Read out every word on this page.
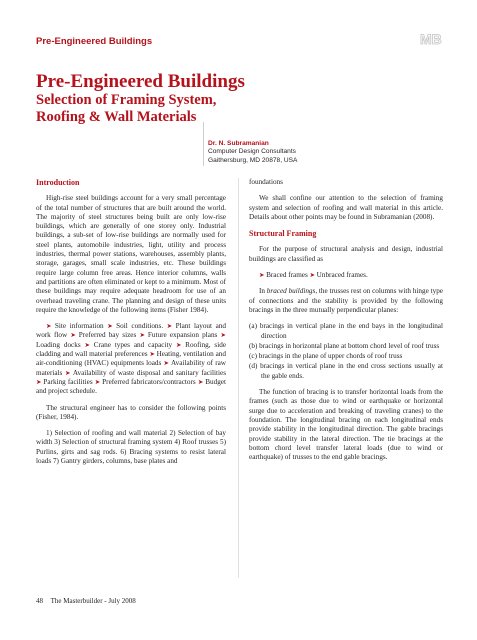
Pre-Engineered Buildings	MB
Pre-Engineered Buildings
Selection of Framing System,
Roofing & Wall Materials
Dr. N. Subramanian
Computer Design Consultants
Gaithersburg, MD 20878, USA
Introduction

High-rise steel buildings account for a very small percentage of the total number of structures that are built around the world. The majority of steel structures being built are only low-rise buildings, which are generally of one storey only. Industrial buildings, a sub-set of low-rise buildings are normally used for steel plants, automobile industries, light, utility and process industries, thermal power stations, warehouses, assembly plants, storage, garages, small scale industries, etc. These buildings require large column free areas. Hence interior columns, walls and partitions are often eliminated or kept to a minimum. Most of these buildings may require adequate headroom for use of an overhead traveling crane. The planning and design of these units require the knowledge of the following items (Fisher 1984).

➤ Site information ➤ Soil conditions. ➤ Plant layout and work flow ➤ Preferred bay sizes ➤ Future expansion plans ➤ Loading docks ➤ Crane types and capacity ➤ Roofing, side cladding and wall material preferences ➤ Heating, ventilation and air-conditioning (HVAC) equipments loads ➤ Availability of raw materials ➤ Availability of waste disposal and sanitary facilities ➤ Parking facilities ➤ Preferred fabricators/contractors ➤ Budget and project schedule.

The structural engineer has to consider the following points (Fisher, 1984).

1) Selection of roofing and wall material 2) Selection of bay width 3) Selection of structural framing system 4) Roof trusses 5) Purlins, girts and sag rods. 6) Bracing systems to resist lateral loads 7) Gantry girders, columns, base plates and

foundations

We shall confine our attention to the selection of framing system and selection of roofing and wall material in this article. Details about other points may be found in Subramanian (2008).

Structural Framing

For the purpose of structural analysis and design, industrial buildings are classified as

➤ Braced frames ➤ Unbraced frames.

In braced buildings, the trusses rest on columns with hinge type of connections and the stability is provided by the following bracings in the three mutually perpendicular planes:

(a) bracings in vertical plane in the end bays in the longitudinal direction
(b) bracings in horizontal plane at bottom chord level of roof truss
(c) bracings in the plane of upper chords of roof truss
(d) bracings in vertical plane in the end cross sections usually at the gable ends.

The function of bracing is to transfer horizontal loads from the frames (such as those due to wind or earthquake or horizontal surge due to acceleration and breaking of traveling cranes) to the foundation. The longitudinal bracing on each longitudinal ends provide stability in the longitudinal direction. The gable bracings provide stability in the lateral direction. The tie bracings at the bottom chord level transfer lateral loads (due to wind or earthquake) of trusses to the end gable bracings.

48 The Masterbuilder - July 2008
